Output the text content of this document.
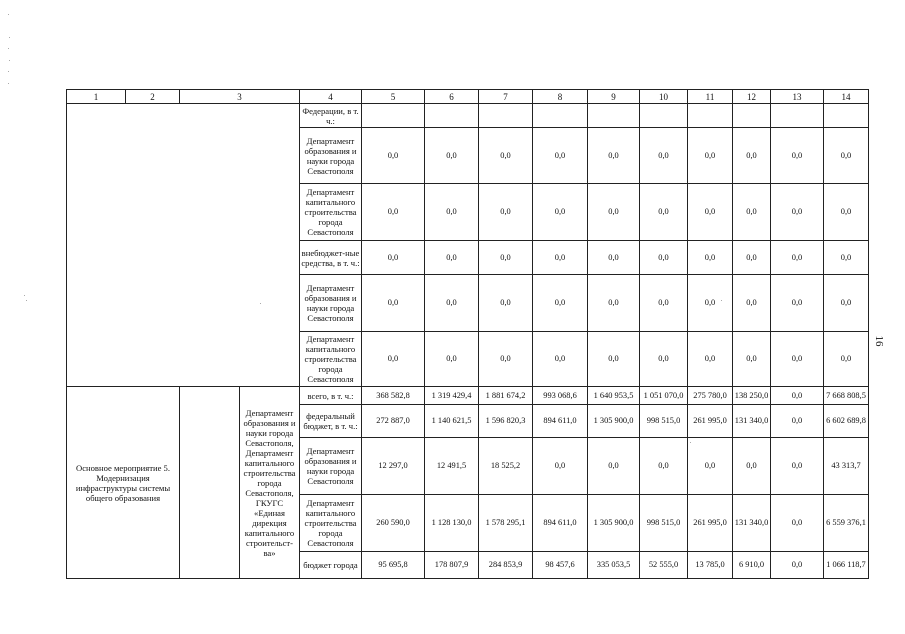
1	2	3		4	5	6	7	8	9	10	11	12	13	14
				Федерации, в т. ч.:										
				Департамент образования и науки города Севастополя	0,0	0,0	0,0	0,0	0,0	0,0	0,0	0,0	0,0	0,0
				Департамент капитального строительства города Севастополя	0,0	0,0	0,0	0,0	0,0	0,0	0,0	0,0	0,0	0,0
				внебюджет-ные средства, в т. ч.:	0,0	0,0	0,0	0,0	0,0	0,0	0,0	0,0	0,0	0,0
				Департамент образования и науки города Севастополя	0,0	0,0	0,0	0,0	0,0	0,0	0,0	0,0	0,0	0,0
				Департамент капитального строительства города Севастополя	0,0	0,0	0,0	0,0	0,0	0,0	0,0	0,0	0,0	0,0
Основное мероприятие 5. Модернизация инфраструктуры системы общего образования			Департамент образования и науки города Севастополя, Департамент капитального строительства города Севастополя, ГКУГС «Единая дирекция капитального строительст-ва»	всего, в т. ч.:	368 582,8	1 319 429,4	1 881 674,2	993 068,6	1 640 953,5	1 051 070,0	275 780,0	138 250,0	0,0	7 668 808,5
				федеральный бюджет, в т. ч.:	272 887,0	1 140 621,5	1 596 820,3	894 611,0	1 305 900,0	998 515,0	261 995,0	131 340,0	0,0	6 602 689,8
				Департамент образования и науки города Севастополя	12 297,0	12 491,5	18 525,2	0,0	0,0	0,0	0,0	0,0	0,0	43 313,7
				Департамент капитального строительства города Севастополя	260 590,0	1 128 130,0	1 578 295,1	894 611,0	1 305 900,0	998 515,0	261 995,0	131 340,0	0,0	6 559 376,1
				бюджет города	95 695,8	178 807,9	284 853,9	98 457,6	335 053,5	52 555,0	13 785,0	6 910,0	0,0	1 066 118,7
16
